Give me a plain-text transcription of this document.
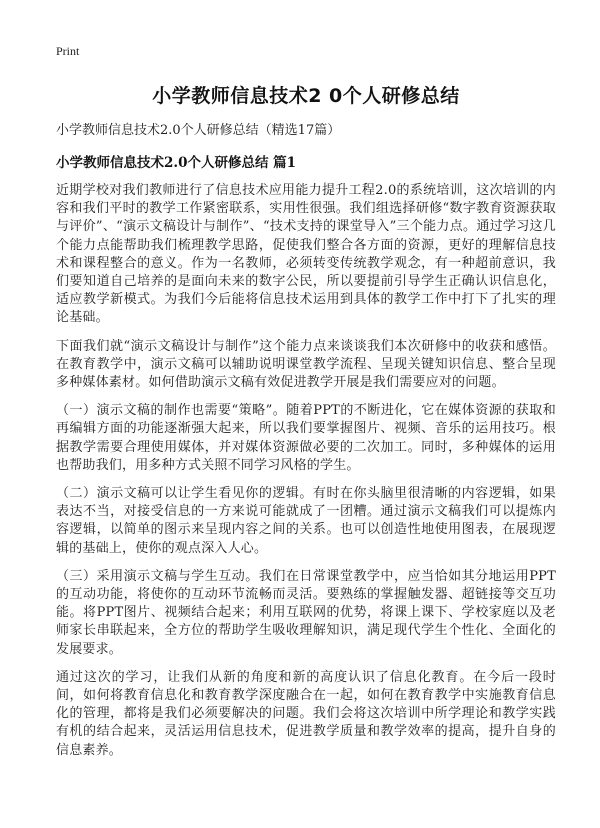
Print
小学教师信息技术2 0个人研修总结
小学教师信息技术2.0个人研修总结（精选17篇）
小学教师信息技术2.0个人研修总结 篇1

近期学校对我们教师进行了信息技术应用能力提升工程2.0的系统培训，这次培训的内容和我们平时的教学工作紧密联系，实用性很强。我们组选择研修“数字教育资源获取与评价”、“演示文稿设计与制作”、“技术支持的课堂导入”三个能力点。通过学习这几个能力点能帮助我们梳理教学思路，促使我们整合各方面的资源，更好的理解信息技术和课程整合的意义。作为一名教师，必须转变传统教学观念，有一种超前意识，我们要知道自己培养的是面向未来的数字公民，所以要提前引导学生正确认识信息化，适应教学新模式。为我们今后能将信息技术运用到具体的教学工作中打下了扎实的理论基础。

下面我们就“演示文稿设计与制作”这个能力点来谈谈我们本次研修中的收获和感悟。在教育教学中，演示文稿可以辅助说明课堂教学流程、呈现关键知识信息、整合呈现多种媒体素材。如何借助演示文稿有效促进教学开展是我们需要应对的问题。

（一）演示文稿的制作也需要“策略”。随着PPT的不断进化，它在媒体资源的获取和再编辑方面的功能逐渐强大起来，所以我们要掌握图片、视频、音乐的运用技巧。根据教学需要合理使用媒体，并对媒体资源做必要的二次加工。同时，多种媒体的运用也帮助我们，用多种方式关照不同学习风格的学生。

（二）演示文稿可以让学生看见你的逻辑。有时在你头脑里很清晰的内容逻辑，如果表达不当，对接受信息的一方来说可能就成了一团糟。通过演示文稿我们可以提炼内容逻辑，以简单的图示来呈现内容之间的关系。也可以创造性地使用图表，在展现逻辑的基础上，使你的观点深入人心。

（三）采用演示文稿与学生互动。我们在日常课堂教学中，应当恰如其分地运用PPT的互动功能，将使你的互动环节流畅而灵活。要熟练的掌握触发器、超链接等交互功能。将PPT图片、视频结合起来；利用互联网的优势，将课上课下、学校家庭以及老师家长串联起来，全方位的帮助学生吸收理解知识，满足现代学生个性化、全面化的发展要求。

通过这次的学习，让我们从新的角度和新的高度认识了信息化教育。在今后一段时间，如何将教育信息化和教育教学深度融合在一起，如何在教育教学中实施教育信息化的管理，都将是我们必须要解决的问题。我们会将这次培训中所学理论和教学实践有机的结合起来，灵活运用信息技术，促进教学质量和教学效率的提高，提升自身的信息素养。
